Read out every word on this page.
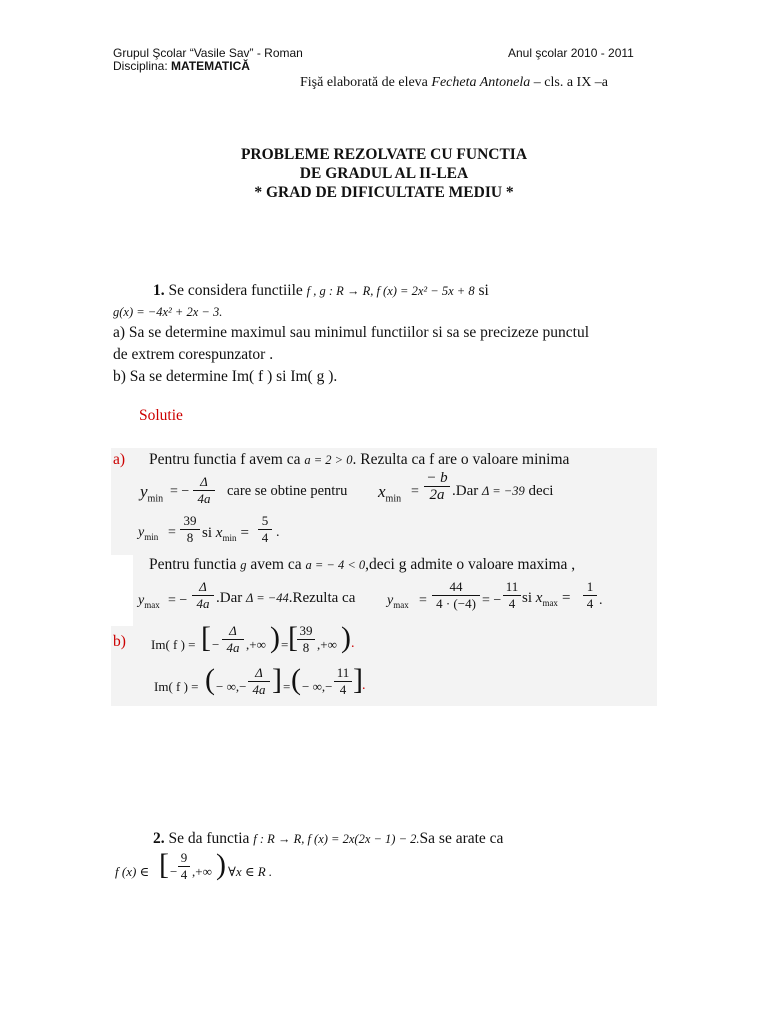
Grupul Şcolar “Vasile Sav” - Roman	Anul şcolar 2010 - 2011
Disciplina: MATEMATICĂ
Fişă elaborată de eleva Fecheta Antonela – cls. a IX –a
PROBLEME REZOLVATE CU FUNCTIA
DE GRADUL AL II-LEA
* GRAD DE DIFICULTATE MEDIU *
1. Se considera functiile f , g : R → R, f (x) = 2x² − 5x + 8 si
g(x) = −4x² + 2x − 3.
a) Sa se determine maximul sau minimul functiilor si sa se precizeze punctul
de extrem corespunzator .
b) Sa se determine Im( f ) si Im( g ).
Solutie
a) Pentru functia f avem ca a = 2 > 0. Rezulta ca f are o valoare minima
$y_{min}$ = −
Δ
4a	care se obtine pentru $x_{min}$ =
− b
2a .Dar Δ = −39 deci
$y_{min}$ =
39
8 si $x_{min}$ =
5
4 .
Pentru functia g avem ca a = − 4 < 0,deci g admite o valoare maxima ,
$y_{max}$ = −
Δ
4a .Dar Δ = −44.Rezulta ca $y_{max}$ =
44
4 · (−4) = −
11
4 si $x_{max}$ =
1
4 .
b) Im( f ) = [ −
Δ
4a ,+∞ ) = [ 39
8 ,+∞ ) .
Im( f ) = ( − ∞,−
Δ
4a ] = ( − ∞,−
11
4 ] .
2. Se da functia f : R → R, f (x) = 2x(2x − 1) − 2.Sa se arate ca
f (x) ∈ [ −
9
4 ,+∞ ) ∀x ∈ R .
